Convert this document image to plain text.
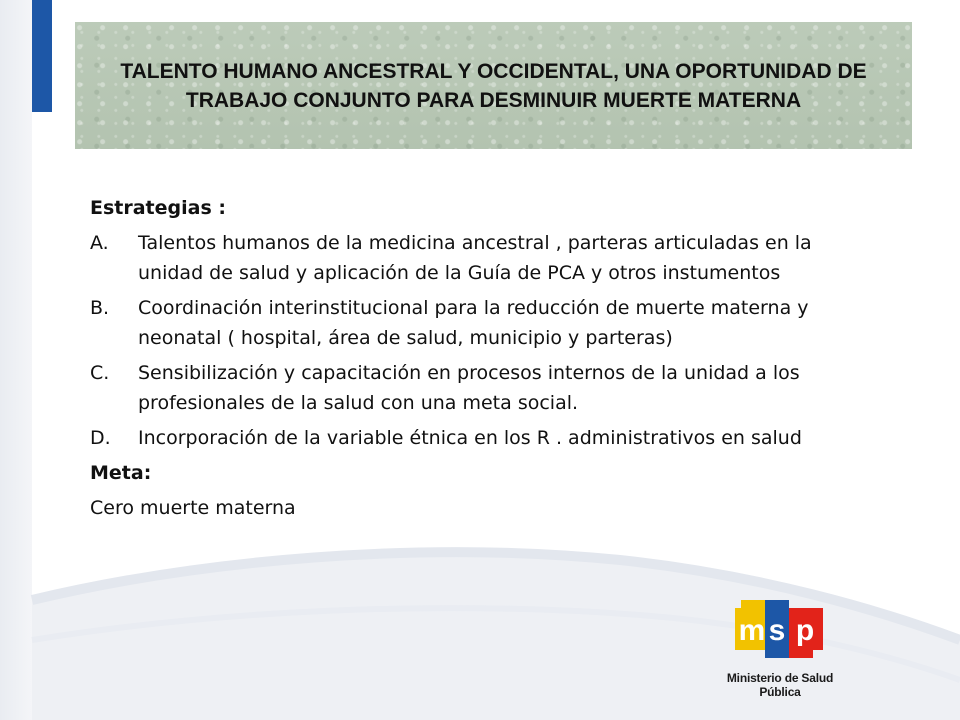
TALENTO HUMANO ANCESTRAL Y OCCIDENTAL, UNA OPORTUNIDAD DE TRABAJO CONJUNTO PARA DESMINUIR MUERTE MATERNA

Estrategias :

A. Talentos humanos de la medicina ancestral , parteras articuladas en la unidad de salud y aplicación de la Guía de PCA y otros instumentos
B. Coordinación interinstitucional para la reducción de muerte materna y neonatal ( hospital, área de salud, municipio y parteras)
C. Sensibilización y capacitación en procesos internos de la unidad a los profesionales de la salud con una meta social.
D. Incorporación de la variable étnica en los R . administrativos en salud

Meta:

Cero muerte materna

m s p
Ministerio de Salud Pública
